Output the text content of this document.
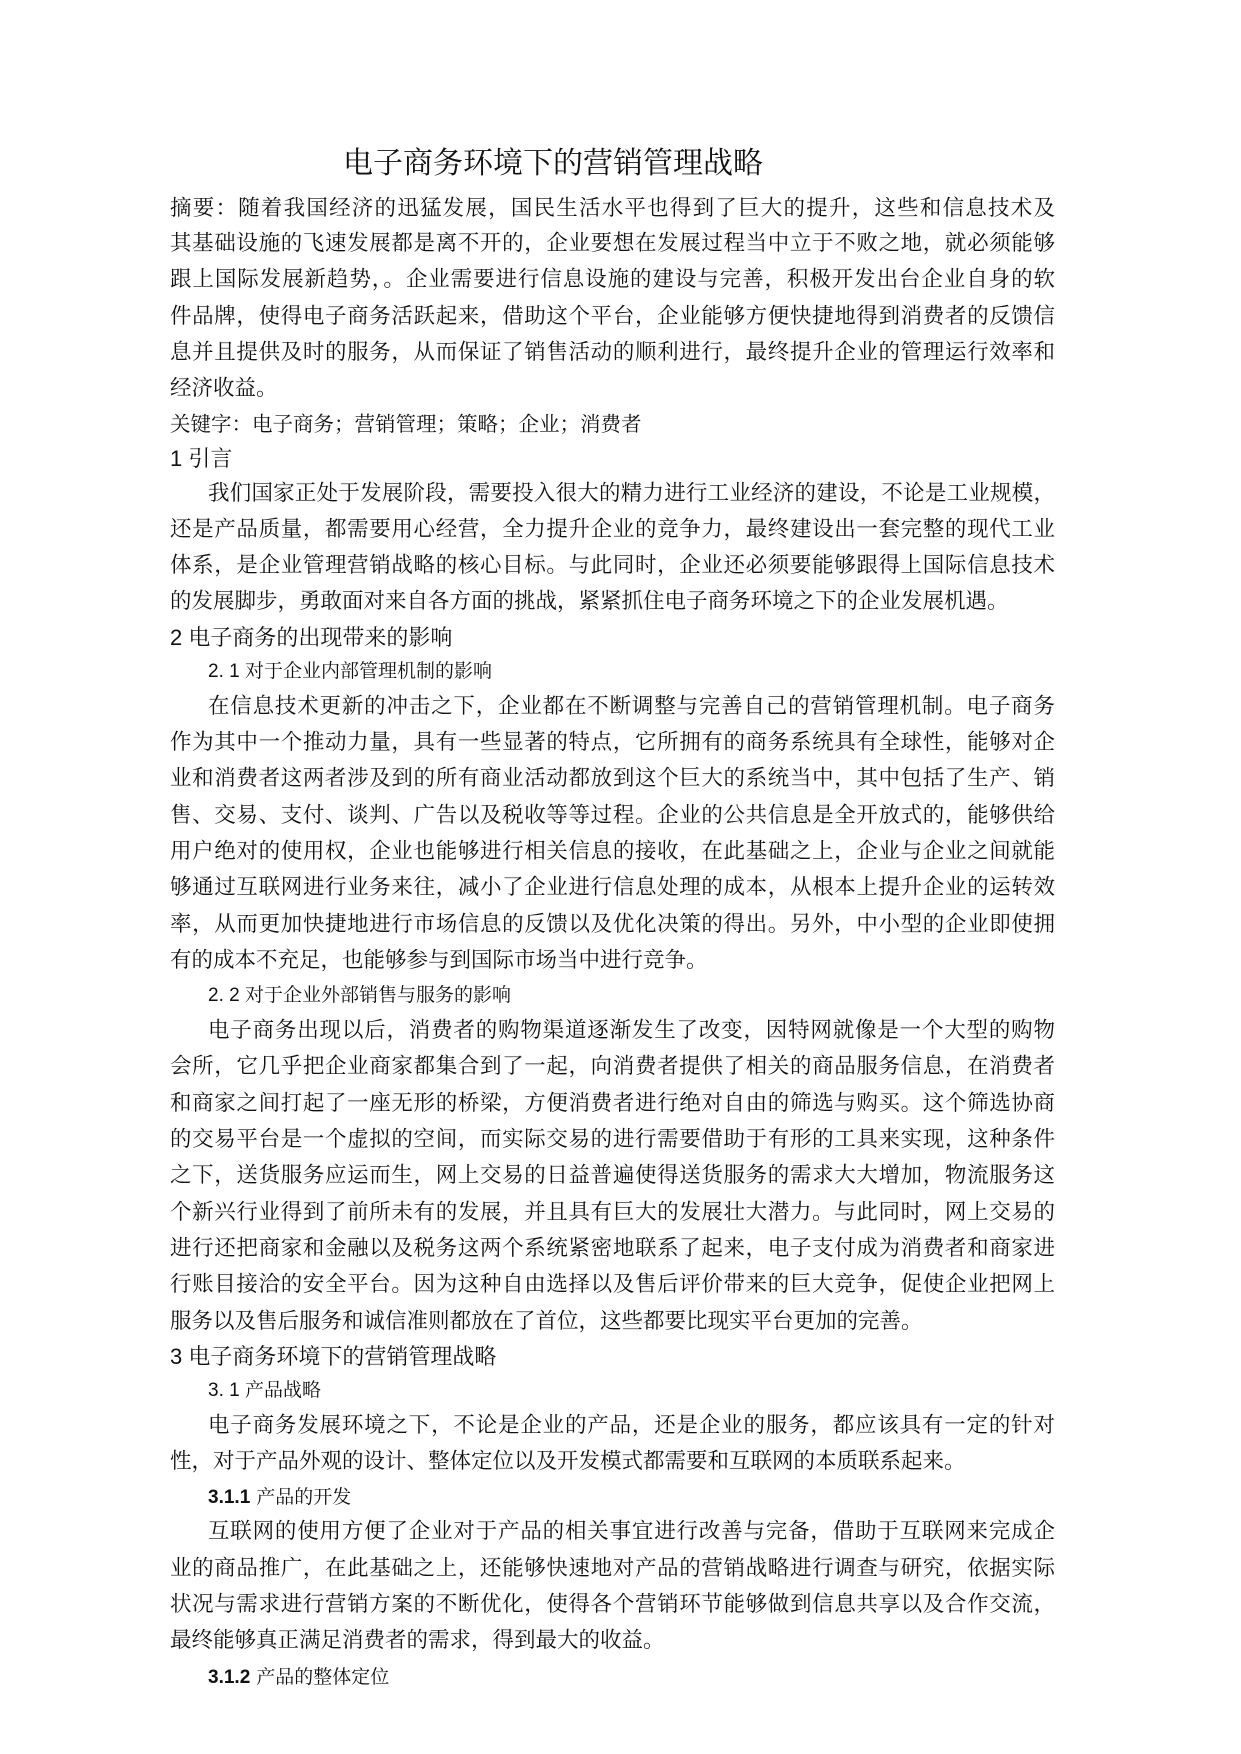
电子商务环境下的营销管理战略
摘要：随着我国经济的迅猛发展，国民生活水平也得到了巨大的提升，这些和信息技术及
其基础设施的飞速发展都是离不开的，企业要想在发展过程当中立于不败之地，就必须能够
跟上国际发展新趋势，。企业需要进行信息设施的建设与完善，积极开发出台企业自身的软
件品牌，使得电子商务活跃起来，借助这个平台，企业能够方便快捷地得到消费者的反馈信
息并且提供及时的服务，从而保证了销售活动的顺利进行，最终提升企业的管理运行效率和
经济收益。
关键字：电子商务；营销管理；策略；企业；消费者
1 引言
我们国家正处于发展阶段，需要投入很大的精力进行工业经济的建设，不论是工业规模，
还是产品质量，都需要用心经营，全力提升企业的竞争力，最终建设出一套完整的现代工业
体系，是企业管理营销战略的核心目标。与此同时，企业还必须要能够跟得上国际信息技术
的发展脚步，勇敢面对来自各方面的挑战，紧紧抓住电子商务环境之下的企业发展机遇。
2 电子商务的出现带来的影响
2. 1 对于企业内部管理机制的影响
在信息技术更新的冲击之下，企业都在不断调整与完善自己的营销管理机制。电子商务
作为其中一个推动力量，具有一些显著的特点，它所拥有的商务系统具有全球性，能够对企
业和消费者这两者涉及到的所有商业活动都放到这个巨大的系统当中，其中包括了生产、销
售、交易、支付、谈判、广告以及税收等等过程。企业的公共信息是全开放式的，能够供给
用户绝对的使用权，企业也能够进行相关信息的接收，在此基础之上，企业与企业之间就能
够通过互联网进行业务来往，减小了企业进行信息处理的成本，从根本上提升企业的运转效
率，从而更加快捷地进行市场信息的反馈以及优化决策的得出。另外，中小型的企业即使拥
有的成本不充足，也能够参与到国际市场当中进行竞争。
2. 2 对于企业外部销售与服务的影响
电子商务出现以后，消费者的购物渠道逐渐发生了改变，因特网就像是一个大型的购物
会所，它几乎把企业商家都集合到了一起，向消费者提供了相关的商品服务信息，在消费者
和商家之间打起了一座无形的桥梁，方便消费者进行绝对自由的筛选与购买。这个筛选协商
的交易平台是一个虚拟的空间，而实际交易的进行需要借助于有形的工具来实现，这种条件
之下，送货服务应运而生，网上交易的日益普遍使得送货服务的需求大大增加，物流服务这
个新兴行业得到了前所未有的发展，并且具有巨大的发展壮大潜力。与此同时，网上交易的
进行还把商家和金融以及税务这两个系统紧密地联系了起来，电子支付成为消费者和商家进
行账目接洽的安全平台。因为这种自由选择以及售后评价带来的巨大竞争，促使企业把网上
服务以及售后服务和诚信准则都放在了首位，这些都要比现实平台更加的完善。
3 电子商务环境下的营销管理战略
3. 1 产品战略
电子商务发展环境之下，不论是企业的产品，还是企业的服务，都应该具有一定的针对
性，对于产品外观的设计、整体定位以及开发模式都需要和互联网的本质联系起来。
3.1.1 产品的开发
互联网的使用方便了企业对于产品的相关事宜进行改善与完备，借助于互联网来完成企
业的商品推广，在此基础之上，还能够快速地对产品的营销战略进行调查与研究，依据实际
状况与需求进行营销方案的不断优化，使得各个营销环节能够做到信息共享以及合作交流，
最终能够真正满足消费者的需求，得到最大的收益。
3.1.2 产品的整体定位
